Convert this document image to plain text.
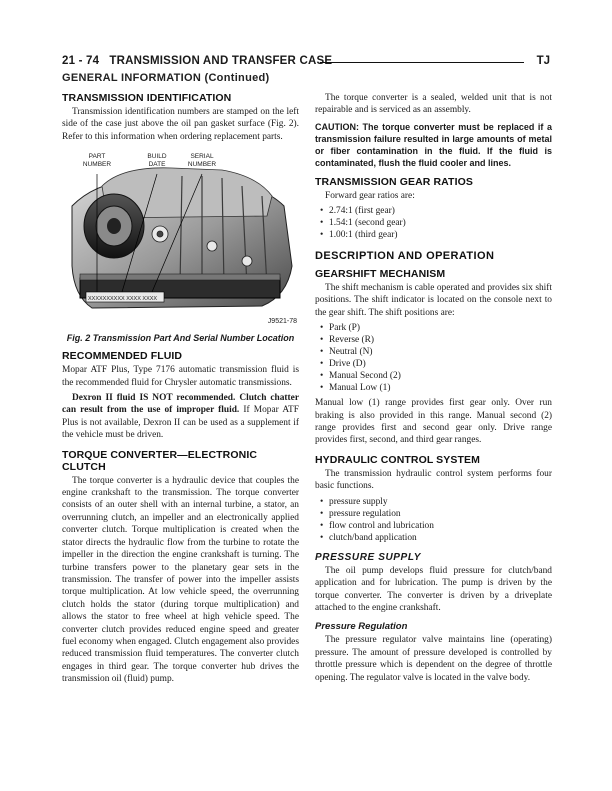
21 - 74 TRANSMISSION AND TRANSFER CASE	TJ
GENERAL INFORMATION (Continued)
TRANSMISSION IDENTIFICATION

Transmission identification numbers are stamped on the left side of the case just above the oil pan gasket surface (Fig. 2). Refer to this information when ordering replacement parts.

PART
NUMBER
BUILD
DATE
SERIAL
NUMBER
XXXXXXXXXX XXXX XXXX
J9521-78
Fig. 2 Transmission Part And Serial Number Location
RECOMMENDED FLUID

Mopar ATF Plus, Type 7176 automatic transmission fluid is the recommended fluid for Chrysler automatic transmissions.

Dexron II fluid IS NOT recommended. Clutch chatter can result from the use of improper fluid. If Mopar ATF Plus is not available, Dexron II can be used as a supplement if the vehicle must be driven.

TORQUE CONVERTER—ELECTRONIC CLUTCH

The torque converter is a hydraulic device that couples the engine crankshaft to the transmission. The torque converter consists of an outer shell with an internal turbine, a stator, an overrunning clutch, an impeller and an electronically applied converter clutch. Torque multiplication is created when the stator directs the hydraulic flow from the turbine to rotate the impeller in the direction the engine crankshaft is turning. The turbine transfers power to the planetary gear sets in the transmission. The transfer of power into the impeller assists torque multiplication. At low vehicle speed, the overrunning clutch holds the stator (during torque multiplication) and allows the stator to free wheel at high vehicle speed. The converter clutch provides reduced engine speed and greater fuel economy when engaged. Clutch engagement also provides reduced transmission fluid temperatures. The converter clutch engages in third gear. The torque converter hub drives the transmission oil (fluid) pump.

The torque converter is a sealed, welded unit that is not repairable and is serviced as an assembly.

CAUTION: The torque converter must be replaced if a transmission failure resulted in large amounts of metal or fiber contamination in the fluid. If the fluid is contaminated, flush the fluid cooler and lines.

TRANSMISSION GEAR RATIOS

Forward gear ratios are:

• 2.74:1 (first gear)
• 1.54:1 (second gear)
• 1.00:1 (third gear)
DESCRIPTION AND OPERATION
GEARSHIFT MECHANISM

The shift mechanism is cable operated and provides six shift positions. The shift indicator is located on the console next to the gear shift. The shift positions are:

• Park (P)
• Reverse (R)
• Neutral (N)
• Drive (D)
• Manual Second (2)
• Manual Low (1)

Manual low (1) range provides first gear only. Over run braking is also provided in this range. Manual second (2) range provides first and second gear only. Drive range provides first, second, and third gear ranges.

HYDRAULIC CONTROL SYSTEM

The transmission hydraulic control system performs four basic functions.

• pressure supply
• pressure regulation
• flow control and lubrication
• clutch/band application
PRESSURE SUPPLY

The oil pump develops fluid pressure for clutch/band application and for lubrication. The pump is driven by the torque converter. The converter is driven by a driveplate attached to the engine crankshaft.

Pressure Regulation

The pressure regulator valve maintains line (operating) pressure. The amount of pressure developed is controlled by throttle pressure which is dependent on the degree of throttle opening. The regulator valve is located in the valve body.
